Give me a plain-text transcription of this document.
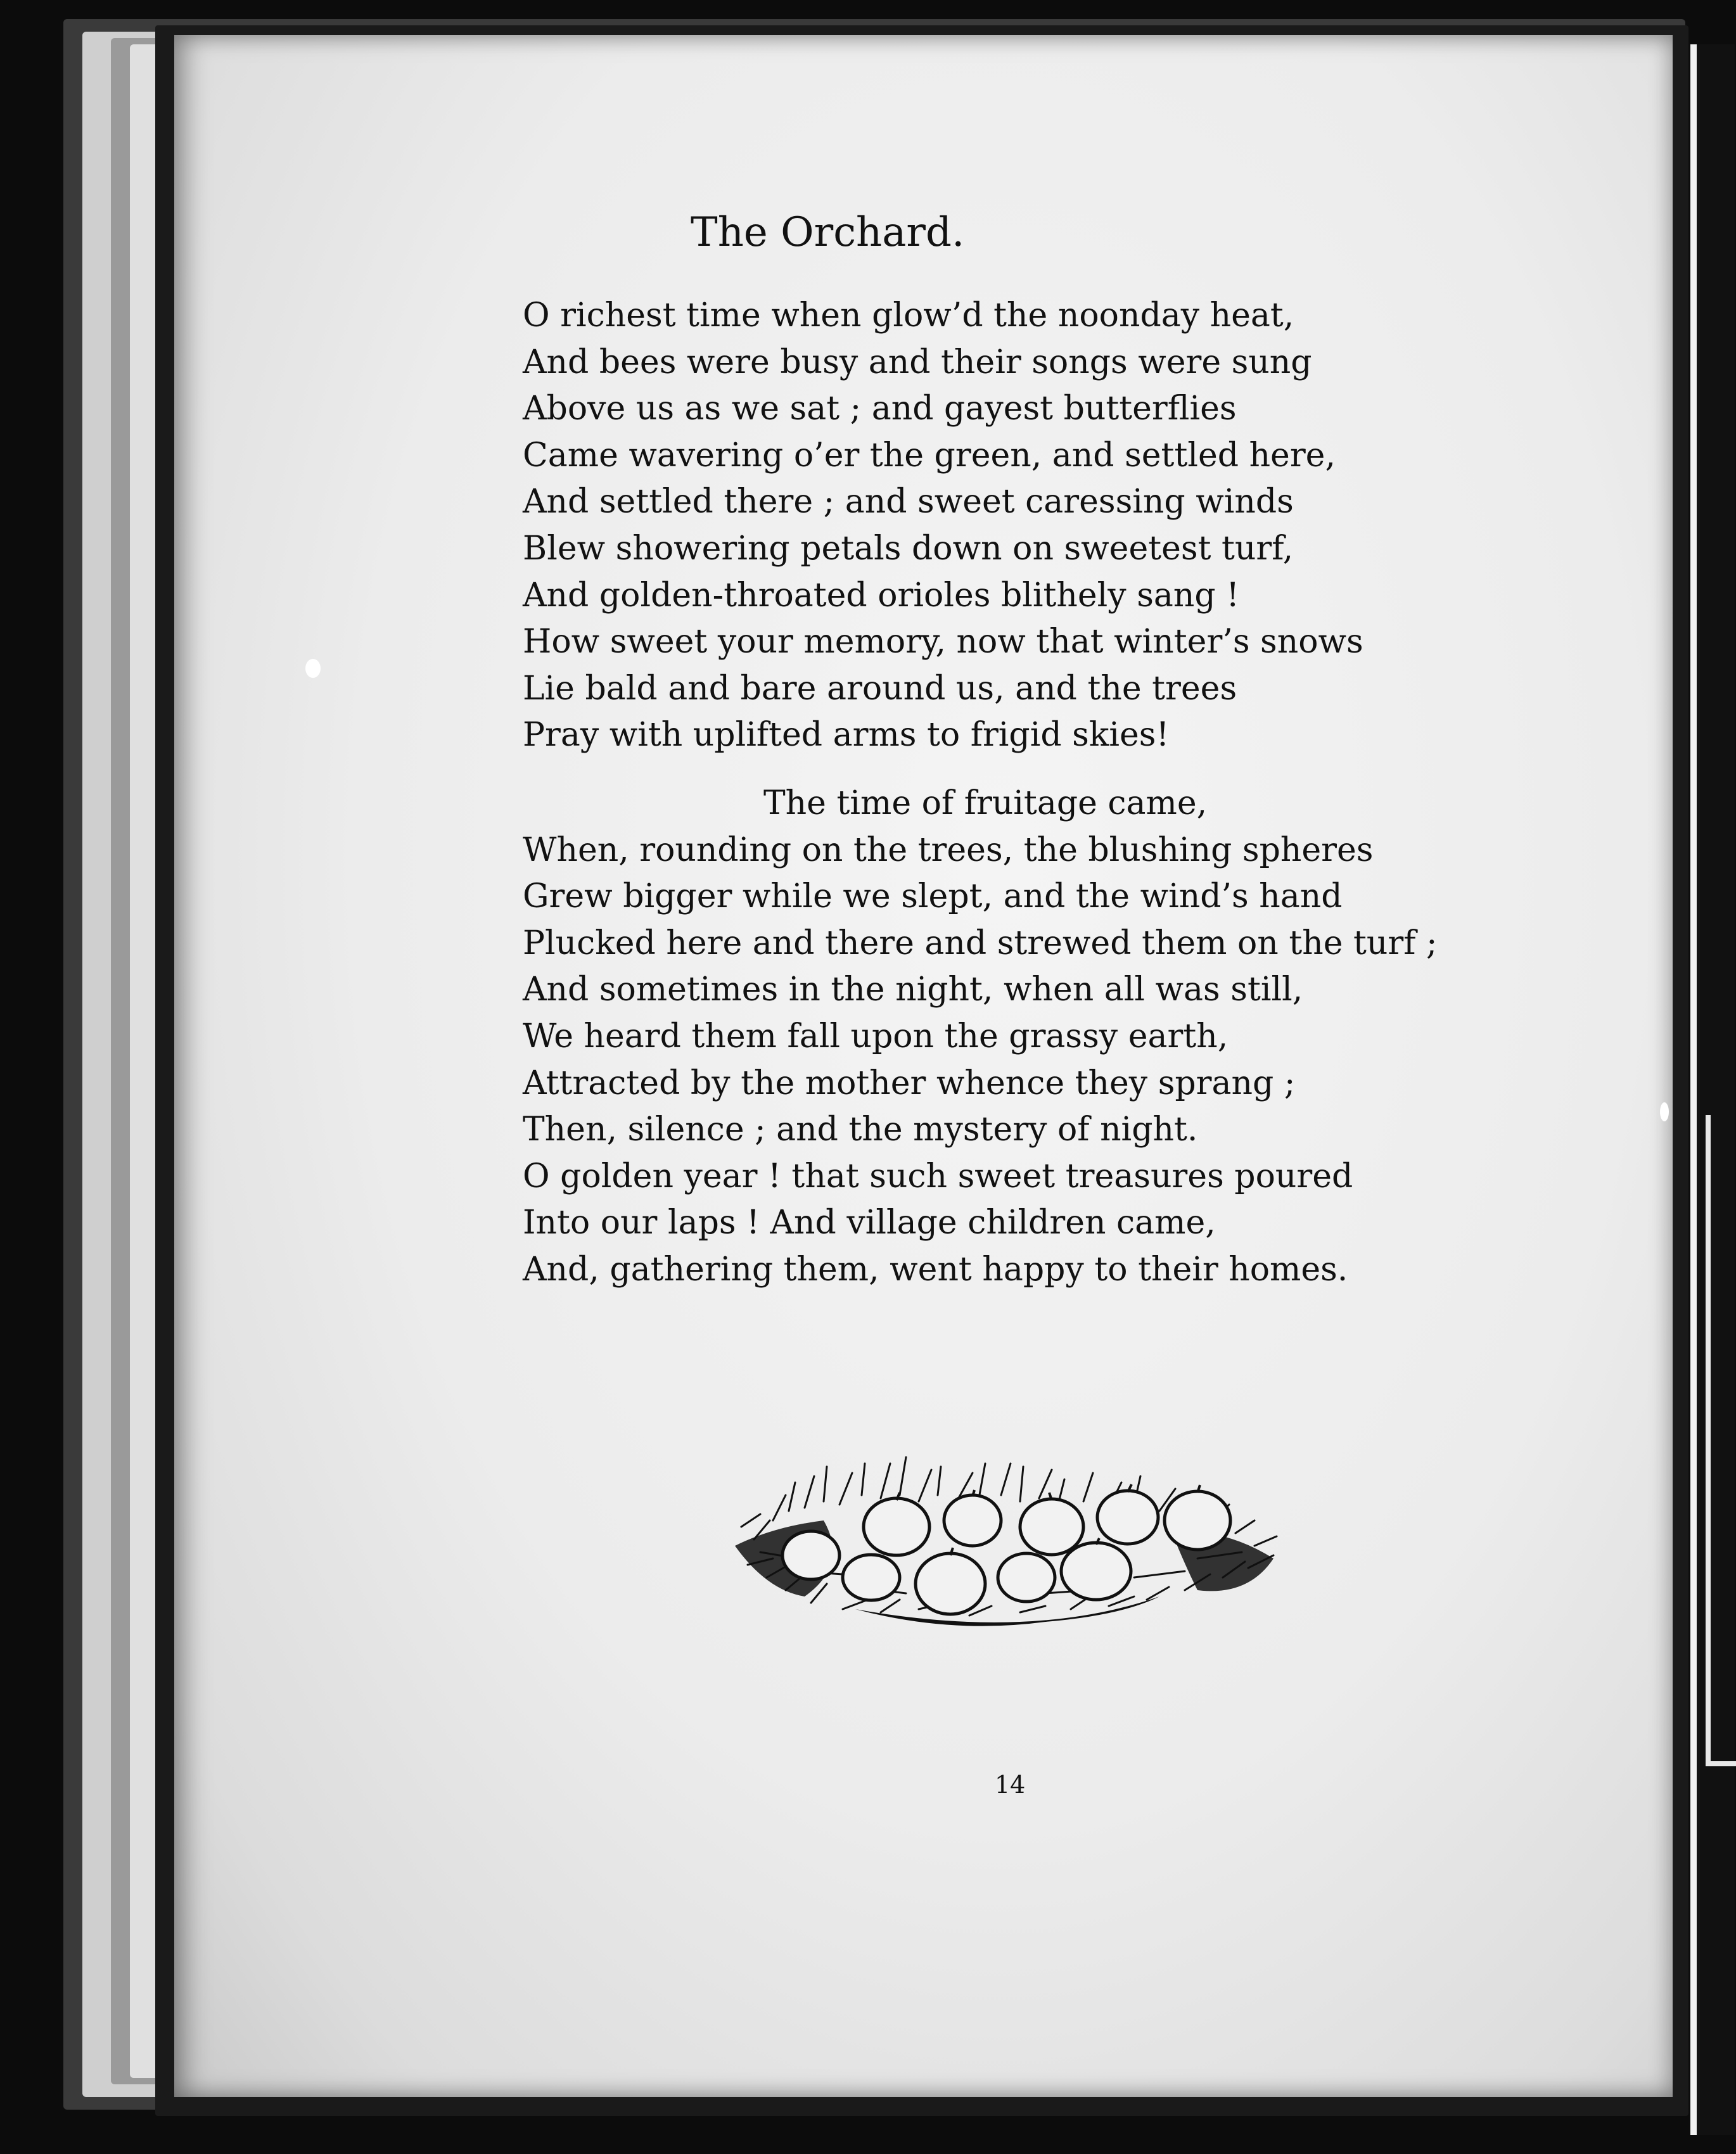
The Orchard.
O richest time when glow’d the noonday heat,
And bees were busy and their songs were sung
Above us as we sat ; and gayest butterflies
Came wavering o’er the green, and settled here,
And settled there ; and sweet caressing winds
Blew showering petals down on sweetest turf,
And golden-throated orioles blithely sang !
How sweet your memory, now that winter’s snows
Lie bald and bare around us, and the trees
Pray with uplifted arms to frigid skies!
The time of fruitage came,
When, rounding on the trees, the blushing spheres
Grew bigger while we slept, and the wind’s hand
Plucked here and there and strewed them on the turf ;
And sometimes in the night, when all was still,
We heard them fall upon the grassy earth,
Attracted by the mother whence they sprang ;
Then, silence ; and the mystery of night.
O golden year ! that such sweet treasures poured
Into our laps ! And village children came,
And, gathering them, went happy to their homes.
14
